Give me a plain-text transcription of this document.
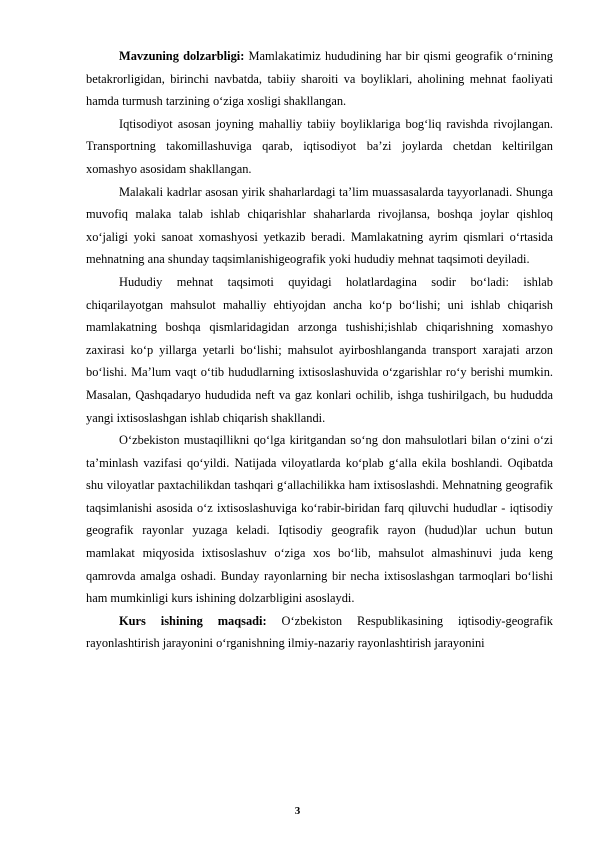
Mavzuning dolzarbligi: Mamlakatimiz hududining har bir qismi geografik o‘rnining betakrorligidan, birinchi navbatda, tabiiy sharoiti va boyliklari, aholining mehnat faoliyati hamda turmush tarzining o‘ziga xosligi shakllangan.

Iqtisodiyot asosan joyning mahalliy tabiiy boyliklariga bog‘liq ravishda rivojlangan. Transportning takomillashuviga qarab, iqtisodiyot ba’zi joylarda chetdan keltirilgan xomashyo asosidam shakllangan.

Malakali kadrlar asosan yirik shaharlardagi ta’lim muassasalarda tayyorlanadi. Shunga muvofiq malaka talab ishlab chiqarishlar shaharlarda rivojlansa, boshqa joylar qishloq xo‘jaligi yoki sanoat xomashyosi yetkazib beradi. Mamlakatning ayrim qismlari o‘rtasida mehnatning ana shunday taqsimlanishigeografik yoki hududiy mehnat taqsimoti deyiladi.

Hududiy mehnat taqsimoti quyidagi holatlardagina sodir bo‘ladi: ishlab chiqarilayotgan mahsulot mahalliy ehtiyojdan ancha ko‘p bo‘lishi; uni ishlab chiqarish mamlakatning boshqa qismlaridagidan arzonga tushishi;ishlab chiqarishning xomashyo zaxirasi ko‘p yillarga yetarli bo‘lishi; mahsulot ayirboshlanganda transport xarajati arzon bo‘lishi. Ma’lum vaqt o‘tib hududlarning ixtisoslashuvida o‘zgarishlar ro‘y berishi mumkin. Masalan, Qashqadaryo hududida neft va gaz konlari ochilib, ishga tushirilgach, bu hududda yangi ixtisoslashgan ishlab chiqarish shakllandi.

O‘zbekiston mustaqillikni qo‘lga kiritgandan so‘ng don mahsulotlari bilan o‘zini o‘zi ta’minlash vazifasi qo‘yildi. Natijada viloyatlarda ko‘plab g‘alla ekila boshlandi. Oqibatda shu viloyatlar paxtachilikdan tashqari g‘allachilikka ham ixtisoslashdi. Mehnatning geografik taqsimlanishi asosida o‘z ixtisoslashuviga ko‘rabir-biridan farq qiluvchi hududlar - iqtisodiy geografik rayonlar yuzaga keladi. Iqtisodiy geografik rayon (hudud)lar uchun butun mamlakat miqyosida ixtisoslashuv o‘ziga xos bo‘lib, mahsulot almashinuvi juda keng qamrovda amalga oshadi. Bunday rayonlarning bir necha ixtisoslashgan tarmoqlari bo‘lishi ham mumkinligi kurs ishining dolzarbligini asoslaydi.

Kurs ishining maqsadi: O‘zbekiston Respublikasining iqtisodiy-geografik rayonlashtirish jarayonini o‘rganishning ilmiy-nazariy rayonlashtirish jarayonini

3
